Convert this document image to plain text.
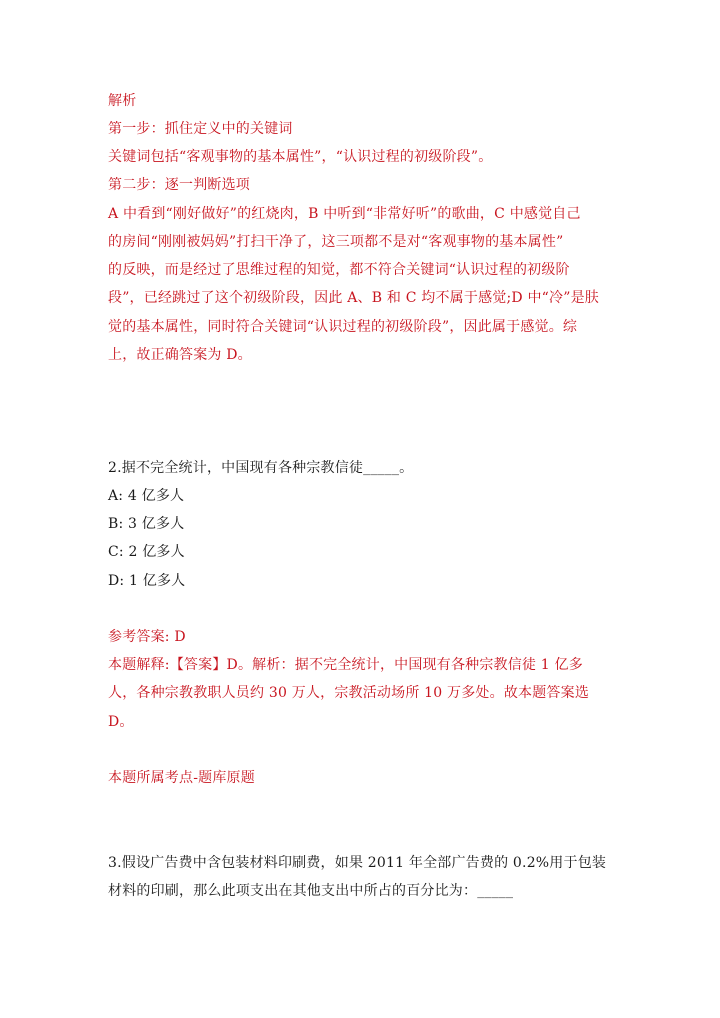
解析
第一步：抓住定义中的关键词
关键词包括“客观事物的基本属性”，“认识过程的初级阶段”。
第二步：逐一判断选项
A 中看到“刚好做好”的红烧肉，B 中听到“非常好听”的歌曲，C 中感觉自己
的房间“刚刚被妈妈”打扫干净了，这三项都不是对“客观事物的基本属性”
的反映，而是经过了思维过程的知觉，都不符合关键词“认识过程的初级阶
段”，已经跳过了这个初级阶段，因此 A、B 和 C 均不属于感觉;D 中“冷”是肤
觉的基本属性，同时符合关键词“认识过程的初级阶段”，因此属于感觉。综
上，故正确答案为 D。
2.据不完全统计，中国现有各种宗教信徒_____。
A: 4 亿多人
B: 3 亿多人
C: 2 亿多人
D: 1 亿多人
参考答案: D
本题解释:【答案】D。解析：据不完全统计，中国现有各种宗教信徒 1 亿多
人，各种宗教教职人员约 30 万人，宗教活动场所 10 万多处。故本题答案选
D。
本题所属考点-题库原题
3.假设广告费中含包装材料印刷费，如果 2011 年全部广告费的 0.2%用于包装
材料的印刷，那么此项支出在其他支出中所占的百分比为：_____
